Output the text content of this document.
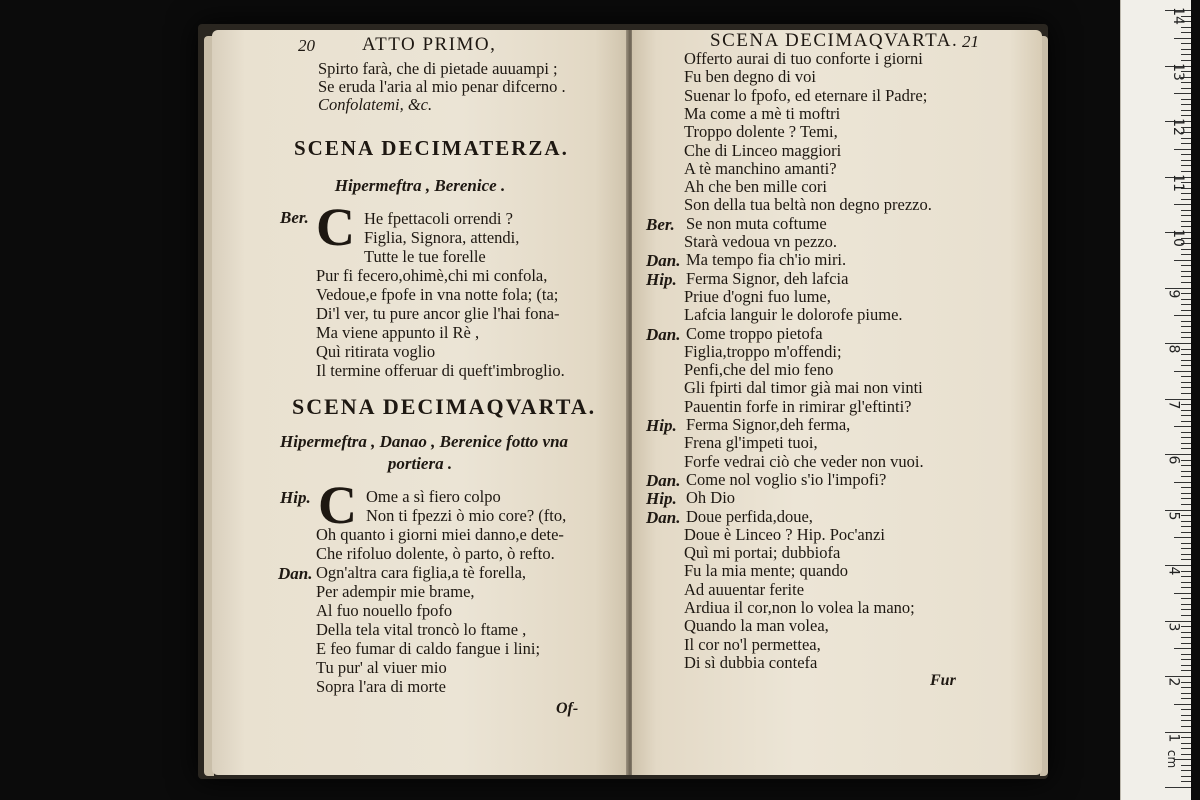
20 ATTO PRIMO,
Spirto farà, che di pietade auuampi ;
Se eruda l'aria al mio penar difcerno .
Confolatemi, &c.
SCENA DECIMATERZA.
Hipermeftra , Berenice .
Ber. C He fpettacoli orrendi ?
Figlia, Signora, attendi,
Tutte le tue forelle
Pur fi fecero,ohimè,chi mi confola,
Vedoue,e fpofe in vna notte fola; (ta;
Di'l ver, tu pure ancor glie l'hai fona-
Ma viene appunto il Rè ,
Quì ritirata voglio
Il termine offeruar di queft'imbroglio.
SCENA DECIMAQVARTA.
Hipermeftra , Danao , Berenice fotto vna
portiera .
Hip. C Ome a sì fiero colpo
Non ti fpezzi ò mio core? (fto,
Oh quanto i giorni miei danno,e dete-
Che rifoluo dolente, ò parto, ò refto.
Dan. Ogn'altra cara figlia,a tè forella,
Per adempir mie brame,
Al fuo nouello fpofo
Della tela vital troncò lo ftame ,
E feo fumar di caldo fangue i lini;
Tu pur' al viuer mio
Sopra l'ara di morte
Of-
SCENA DECIMAQVARTA. 21
Offerto aurai di tuo conforte i giorni
Fu ben degno di voi
Suenar lo fpofo, ed eternare il Padre;
Ma come a mè ti moftri
Troppo dolente ? Temi,
Che di Linceo maggiori
A tè manchino amanti?
Ah che ben mille cori
Son della tua beltà non degno prezzo.
Ber. Se non muta coftume
Starà vedoua vn pezzo.
Dan. Ma tempo fia ch'io miri.
Hip. Ferma Signor, deh lafcia
Priue d'ogni fuo lume,
Lafcia languir le dolorofe piume.
Dan. Come troppo pietofa
Figlia,troppo m'offendi;
Penfi,che del mio feno
Gli fpirti dal timor già mai non vinti
Pauentin forfe in rimirar gl'eftinti?
Hip. Ferma Signor,deh ferma,
Frena gl'impeti tuoi,
Forfe vedrai ciò che veder non vuoi.
Dan. Come nol voglio s'io l'impofi?
Hip. Oh Dio
Dan. Doue perfida,doue,
Doue è Linceo ? Hip. Poc'anzi
Quì mi portai; dubbiofa
Fu la mia mente; quando
Ad auuentar ferite
Ardiua il cor,non lo volea la mano;
Quando la man volea,
Il cor no'l permettea,
Di sì dubbia contefa
Fur
14
13
12
11
10
9
8
7
6
5
4
3
2
1
cm
